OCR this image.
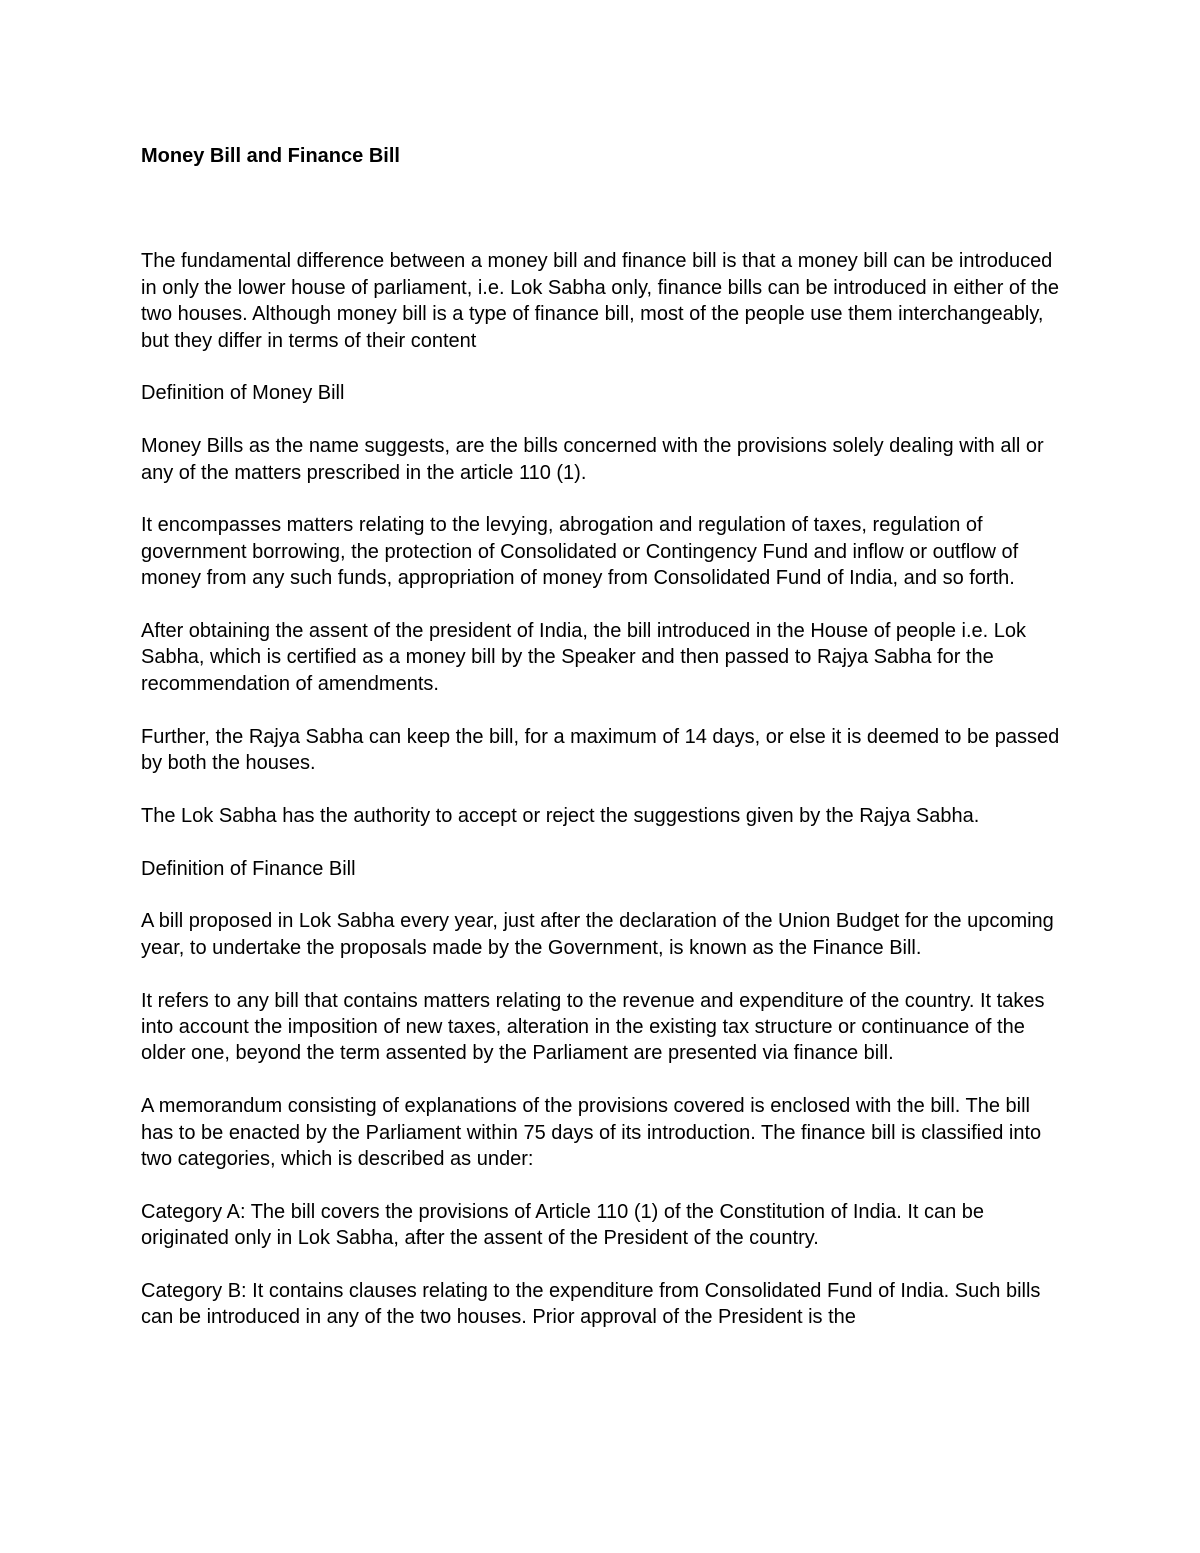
Money Bill and Finance Bill

The fundamental difference between a money bill and finance bill is that a money bill can be introduced in only the lower house of parliament, i.e. Lok Sabha only, finance bills can be introduced in either of the two houses. Although money bill is a type of finance bill, most of the people use them interchangeably, but they differ in terms of their content

Definition of Money Bill

Money Bills as the name suggests, are the bills concerned with the provisions solely dealing with all or any of the matters prescribed in the article 110 (1).

It encompasses matters relating to the levying, abrogation and regulation of taxes, regulation of government borrowing, the protection of Consolidated or Contingency Fund and inflow or outflow of money from any such funds, appropriation of money from Consolidated Fund of India, and so forth.

After obtaining the assent of the president of India, the bill introduced in the House of people i.e. Lok Sabha, which is certified as a money bill by the Speaker and then passed to Rajya Sabha for the recommendation of amendments.

Further, the Rajya Sabha can keep the bill, for a maximum of 14 days, or else it is deemed to be passed by both the houses.

The Lok Sabha has the authority to accept or reject the suggestions given by the Rajya Sabha.

Definition of Finance Bill

A bill proposed in Lok Sabha every year, just after the declaration of the Union Budget for the upcoming year, to undertake the proposals made by the Government, is known as the Finance Bill.

It refers to any bill that contains matters relating to the revenue and expenditure of the country. It takes into account the imposition of new taxes, alteration in the existing tax structure or continuance of the older one, beyond the term assented by the Parliament are presented via finance bill.

A memorandum consisting of explanations of the provisions covered is enclosed with the bill. The bill has to be enacted by the Parliament within 75 days of its introduction. The finance bill is classified into two categories, which is described as under:

Category A: The bill covers the provisions of Article 110 (1) of the Constitution of India. It can be originated only in Lok Sabha, after the assent of the President of the country.

Category B: It contains clauses relating to the expenditure from Consolidated Fund of India. Such bills can be introduced in any of the two houses. Prior approval of the President is the
